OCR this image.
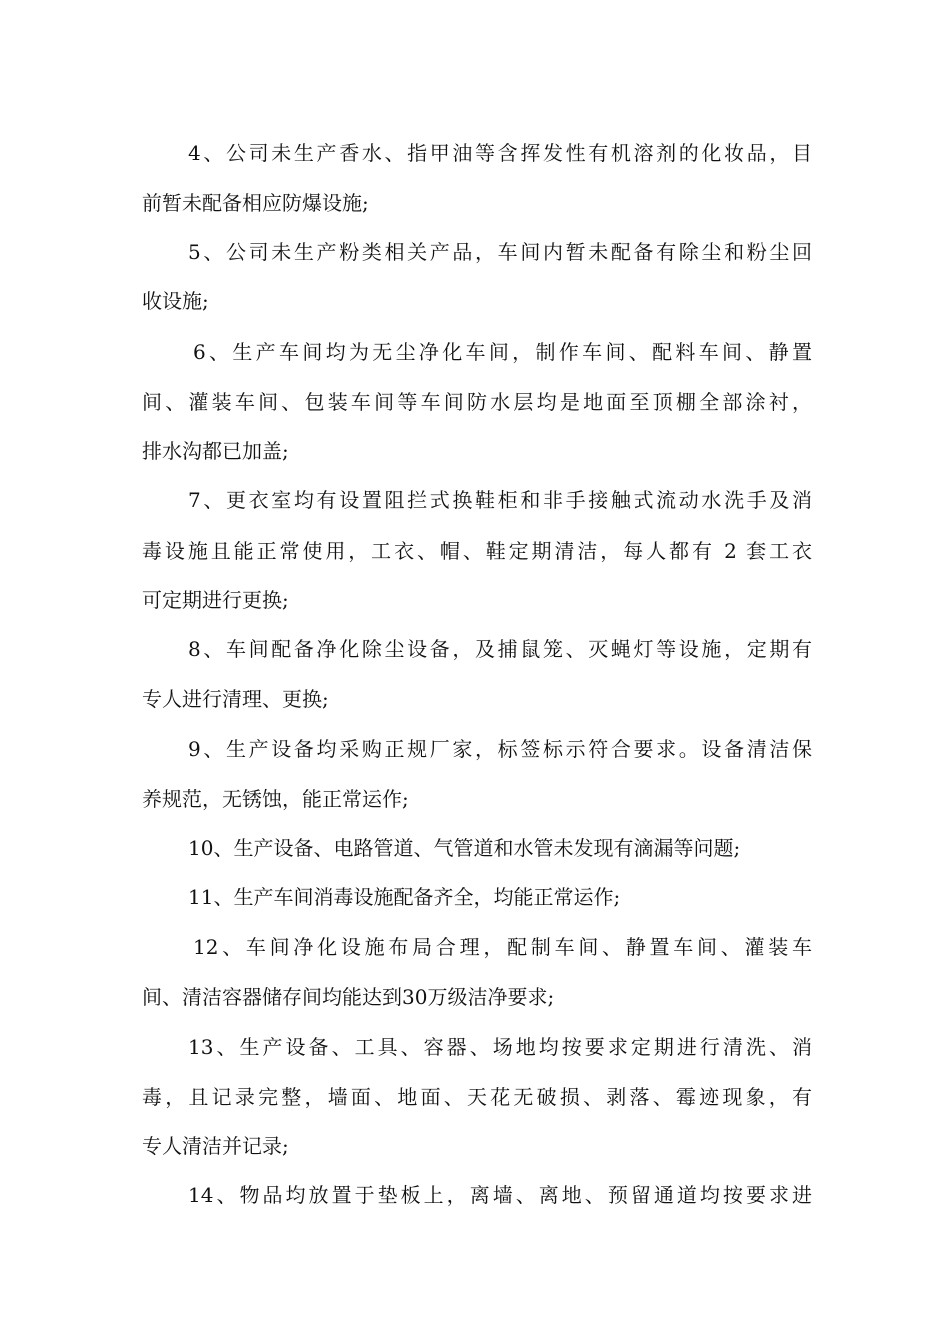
4、公司未生产香水、指甲油等含挥发性有机溶剂的化妆品，目
前暂未配备相应防爆设施;
5、公司未生产粉类相关产品，车间内暂未配备有除尘和粉尘回
收设施;
6、生产车间均为无尘净化车间，制作车间、配料车间、静置
间、灌装车间、包装车间等车间防水层均是地面至顶棚全部涂衬，
排水沟都已加盖;
7、更衣室均有设置阻拦式换鞋柜和非手接触式流动水洗手及消
毒设施且能正常使用，工衣、帽、鞋定期清洁，每人都有 2 套工衣
可定期进行更换;
8、车间配备净化除尘设备，及捕鼠笼、灭蝇灯等设施，定期有
专人进行清理、更换;
9、生产设备均采购正规厂家，标签标示符合要求。设备清洁保
养规范，无锈蚀，能正常运作;
10、生产设备、电路管道、气管道和水管未发现有滴漏等问题;
11、生产车间消毒设施配备齐全，均能正常运作;
12、车间净化设施布局合理，配制车间、静置车间、灌装车
间、清洁容器储存间均能达到30万级洁净要求;
13、生产设备、工具、容器、场地均按要求定期进行清洗、消
毒，且记录完整，墙面、地面、天花无破损、剥落、霉迹现象，有
专人清洁并记录;
14、物品均放置于垫板上，离墙、离地、预留通道均按要求进
